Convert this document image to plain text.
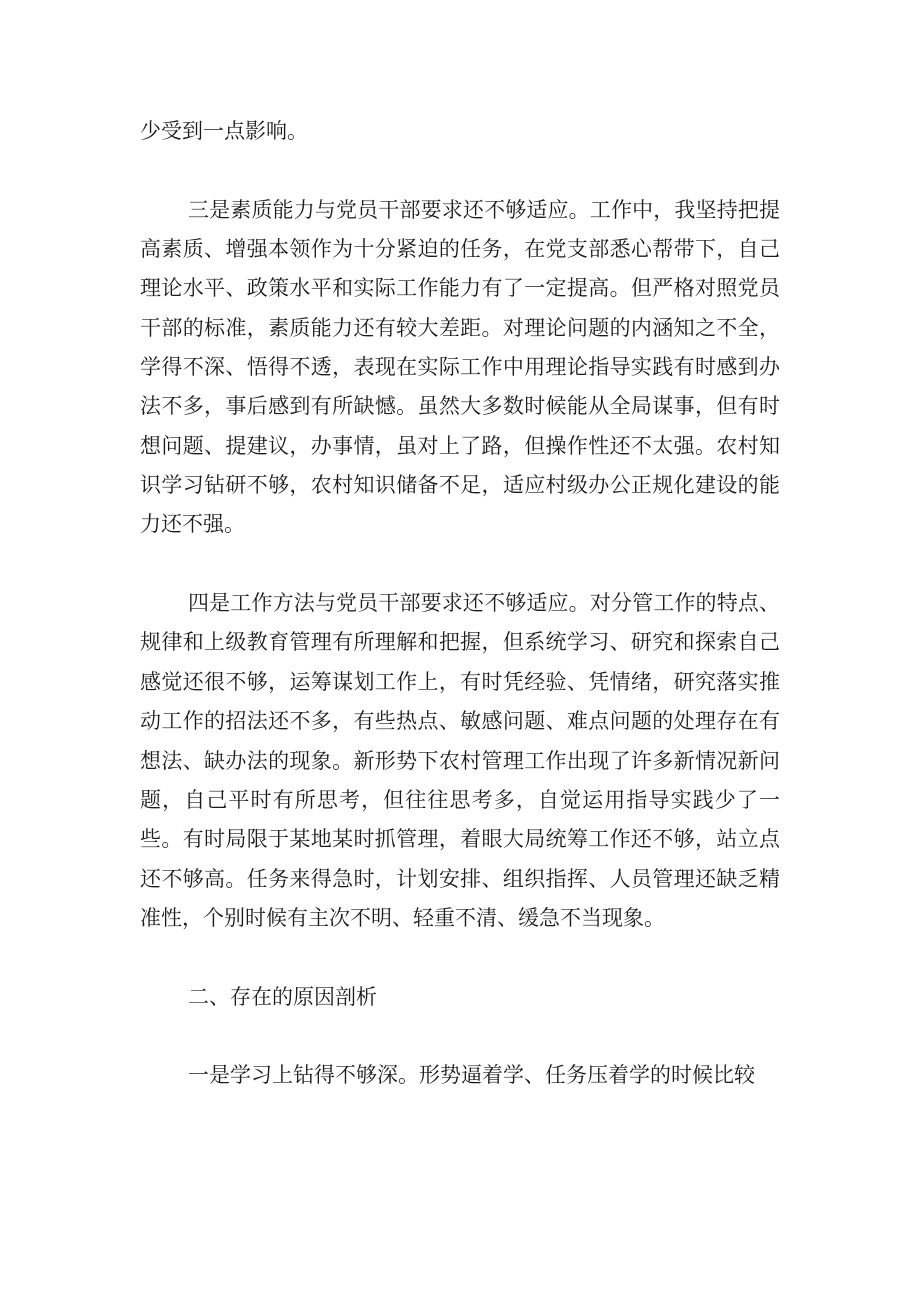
少受到一点影响。

三是素质能力与党员干部要求还不够适应。工作中，我坚持把提高素质、增强本领作为十分紧迫的任务，在党支部悉心帮带下，自己理论水平、政策水平和实际工作能力有了一定提高。但严格对照党员干部的标准，素质能力还有较大差距。对理论问题的内涵知之不全，学得不深、悟得不透，表现在实际工作中用理论指导实践有时感到办法不多，事后感到有所缺憾。虽然大多数时候能从全局谋事，但有时想问题、提建议，办事情，虽对上了路，但操作性还不太强。农村知识学习钻研不够，农村知识储备不足，适应村级办公正规化建设的能力还不强。

四是工作方法与党员干部要求还不够适应。对分管工作的特点、规律和上级教育管理有所理解和把握，但系统学习、研究和探索自己感觉还很不够，运筹谋划工作上，有时凭经验、凭情绪，研究落实推动工作的招法还不多，有些热点、敏感问题、难点问题的处理存在有想法、缺办法的现象。新形势下农村管理工作出现了许多新情况新问题，自己平时有所思考，但往往思考多，自觉运用指导实践少了一些。有时局限于某地某时抓管理，着眼大局统筹工作还不够，站立点还不够高。任务来得急时，计划安排、组织指挥、人员管理还缺乏精准性，个别时候有主次不明、轻重不清、缓急不当现象。

二、存在的原因剖析

一是学习上钻得不够深。形势逼着学、任务压着学的时候比较
